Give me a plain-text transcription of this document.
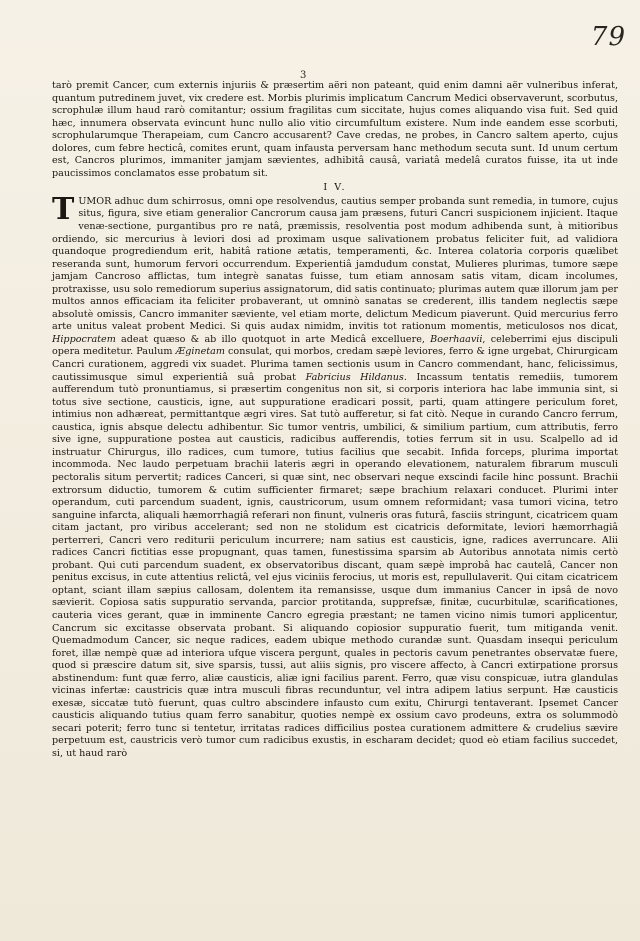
79
3

tarò premit Cancer, cum externis injuriis & præsertim aëri non pateant, quid enim damni aër vulneribus inferat, quantum putredinem juvet, vix credere est. Morbis plurimis implicatum Cancrum Medici observaverunt, scorbutus, scrophulæ illum haud rarò comitantur; ossium fragilitas cum siccitate, hujus comes aliquando visa fuit. Sed quid hæc, innumera observata evincunt hunc nullo alio vitio circumfultum existere. Num inde eandem esse scorbuti, scrophularumque Therapeiam, cum Cancro accusarent? Cave credas, ne probes, in Cancro saltem aperto, cujus dolores, cum febre hecticâ, comites erunt, quam infausta perversam hanc methodum secuta sunt. Id unum certum est, Cancros plurimos, immaniter jamjam sævientes, adhibitâ causâ, variatâ medelâ curatos fuisse, ita ut inde paucissimos conclamatos esse probatum sit.

I V.

TUMOR adhuc dum schirrosus, omni ope resolvendus, cautius semper probanda sunt remedia, in tumore, cujus situs, figura, sive etiam generalior Cancrorum causa jam præsens, futuri Cancri suspicionem injicient. Itaque venæ-sectione, purgantibus pro re natâ, præmissis, resolventia post modum adhibenda sunt, à mitioribus ordiendo, sic mercurius à leviori dosi ad proximam usque salivationem probatus feliciter fuit, ad validiora quandoque progrediendum erit, habitâ ratione ætatis, temperamenti, &c. Interea colatoria corporis quælibet reseranda sunt, humorum fervori occurrendum. Experientiâ jamdudum constat, Mulieres plurimas, tumore sæpe jamjam Cancroso afflictas, tum integrè sanatas fuisse, tum etiam annosam satis vitam, dicam incolumes, protraxisse, usu solo remediorum superius assignatorum, did satis continuato; plurimas autem quæ illorum jam per multos annos efficaciam ita feliciter probaverant, ut omninò sanatas se crederent, illis tandem neglectis sæpe absolutè omissis, Cancro immaniter sæviente, vel etiam morte, delictum Medicum piaverunt. Quid mercurius ferro arte unitus valeat probent Medici. Si quis audax nimidm, invitis tot rationum momentis, meticulosos nos dicat, Hippocratem adeat quæso & ab illo quotquot in arte Medicâ excelluere, Boerhaavii, celeberrimi ejus discipuli opera meditetur. Paulum Æginetam consulat, qui morbos, credam sæpè leviores, ferro & igne urgebat, Chirurgicam Cancri curationem, aggredi vix suadet. Plurima tamen sectionis usum in Cancro commendant, hanc, felicissimus, cautissimusque simul experientiâ suâ probat Fabricius Hildanus. Incassum tentatis remediis, tumorem aufferendum tutò pronuntiamus, si præsertim congenitus non sit, si corporis interiora hac labe immunia sint, si totus sive sectione, causticis, igne, aut suppuratione eradicari possit, parti, quam attingere periculum foret, intimius non adhæreat, permittantque ægri vires. Sat tutò aufferetur, si fat citò. Neque in curando Cancro ferrum, caustica, ignis absque delectu adhibentur. Sic tumor ventris, umbilici, & similium partium, cum attributis, ferro sive igne, suppuratione postea aut causticis, radicibus aufferendis, toties ferrum sit in usu. Scalpello ad id instruatur Chirurgus, illo radices, cum tumore, tutius facilius que secabit. Infida forceps, plurima importat incommoda. Nec laudo perpetuam brachii lateris ægri in operando elevationem, naturalem fibrarum musculi pectoralis situm pervertit; radices Canceri, si quæ sint, nec observari neque exscindi facile hinc possunt. Brachii extrorsum diductio, tumorem & cutim sufficienter firmaret; sæpe brachium relaxari conducet. Plurimi inter operandum, cuti parcendum suadent, ignis, caustricorum, usum omnem reformidant; vasa tumori vicina, tetro sanguine infarcta, aliquali hæmorrhagiâ referari non finunt, vulneris oras futurâ, fasciis stringunt, cicatricem quam citam jactant, pro viribus accelerant; sed non ne stolidum est cicatricis deformitate, leviori hæmorrhagiâ perterreri, Cancri vero rediturii periculum incurrere; nam satius est causticis, igne, radices averruncare. Alii radices Cancri fictitias esse propugnant, quas tamen, funestissima sparsim ab Autoribus annotata nimis certò probant. Qui cuti parcendum suadent, ex observatoribus discant, quam sæpè improbâ hac cautelâ, Cancer non penitus excisus, in cute attentius relictâ, vel ejus viciniis ferocius, ut moris est, repullulaverit. Qui citam cicatricem optant, sciant illam sæpius callosam, dolentem ita remansisse, usque dum immanius Cancer in ipsâ de novo sævierit. Copiosa satis suppuratio servanda, parcior protitanda, supprefsæ, finitæ, cucurbitulæ, scarificationes, cauteria vices gerant, quæ in imminente Cancro egregia præstant; ne tamen vicino nimis tumori applicentur, Cancrum sic excitasse observata probant. Si aliquando copiosior suppuratio fuerit, tum mitiganda venit. Quemadmodum Cancer, sic neque radices, eadem ubique methodo curandæ sunt. Quasdam insequi periculum foret, illæ nempè quæ ad interiora ufque viscera pergunt, quales in pectoris cavum penetrantes observatæ fuere, quod si præscire datum sit, sive sparsis, tussi, aut aliis signis, pro viscere affecto, à Cancri extirpatione prorsus abstinendum: funt quæ ferro, aliæ causticis, aliæ igni facilius parent. Ferro, quæ visu conspicuæ, iutra glandulas vicinas infertæ: caustricis quæ intra musculi fibras recunduntur, vel intra adipem latius serpunt. Hæ causticis exesæ, siccatæ tutò fuerunt, quas cultro abscindere infausto cum exitu, Chirurgi tentaverant. Ipsemet Cancer causticis aliquando tutius quam ferro sanabitur, quoties nempè ex ossium cavo prodeuns, extra os solummodò secari poterit; ferro tunc si tentetur, irritatas radices difficilius postea curationem admittere & crudelius sævire perpetuum est, caustricis verò tumor cum radicibus exustis, in escharam decidet; quod eò etiam facilius succedet, si, ut haud rarò
